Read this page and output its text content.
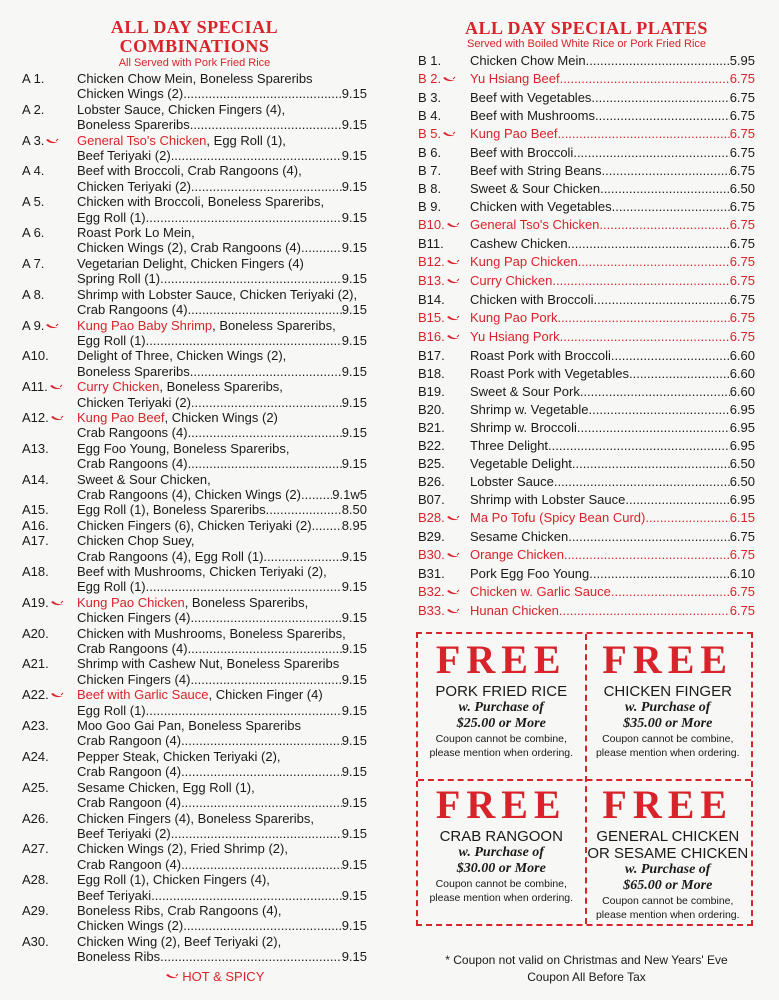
ALL DAY SPECIAL
COMBINATIONS
All Served with Pork Fried Rice
A 1.	Chicken Chow Mein, Boneless Spareribs
Chicken Wings (2) .....	9.15
A 2.	Lobster Sauce, Chicken Fingers (4),
Boneless Spareribs .....	9.15
A 3.	General Tso's Chicken, Egg Roll (1),
Beef Teriyaki (2) .....	9.15
A 4.	Beef with Broccoli, Crab Rangoons (4),
Chicken Teriyaki (2) .....	9.15
A 5.	Chicken with Broccoli, Boneless Spareribs,
Egg Roll (1) .....	9.15
A 6.	Roast Pork Lo Mein,
Chicken Wings (2), Crab Rangoons (4) .....	9.15
A 7.	Vegetarian Delight, Chicken Fingers (4)
Spring Roll (1) .....	9.15
A 8.	Shrimp with Lobster Sauce, Chicken Teriyaki (2),
Crab Rangoons (4) .....	9.15
A 9.	Kung Pao Baby Shrimp, Boneless Spareribs,
Egg Roll (1) .....	9.15
A10.	Delight of Three, Chicken Wings (2),
Boneless Spareribs .....	9.15
A11.	Curry Chicken, Boneless Spareribs,
Chicken Teriyaki (2) .....	9.15
A12.	Kung Pao Beef, Chicken Wings (2)
Crab Rangoons (4) .....	9.15
A13.	Egg Foo Young, Boneless Spareribs,
Crab Rangoons (4) .....	9.15
A14.	Sweet & Sour Chicken,
Crab Rangoons (4), Chicken Wings (2) ..... 9.1w5
A15.	Egg Roll (1), Boneless Spareribs .....	8.50
A16.	Chicken Fingers (6), Chicken Teriyaki (2) ..... 8.95
A17.	Chicken Chop Suey,
Crab Rangoons (4), Egg Roll (1) .....	9.15
A18.	Beef with Mushrooms, Chicken Teriyaki (2),
Egg Roll (1) .....	9.15
A19.	Kung Pao Chicken, Boneless Spareribs,
Chicken Fingers (4) .....	9.15
A20.	Chicken with Mushrooms, Boneless Spareribs,
Crab Rangoons (4) .....	9.15
A21.	Shrimp with Cashew Nut, Boneless Spareribs
Chicken Fingers (4) .....	9.15
A22.	Beef with Garlic Sauce, Chicken Finger (4)
Egg Roll (1) .....	9.15
A23.	Moo Goo Gai Pan, Boneless Spareribs
Crab Rangoon (4) .....	9.15
A24.	Pepper Steak, Chicken Teriyaki (2),
Crab Rangoon (4) .....	9.15
A25.	Sesame Chicken, Egg Roll (1),
Crab Rangoon (4) .....	9.15
A26.	Chicken Fingers (4), Boneless Spareribs,
Beef Teriyaki (2) .....	9.15
A27.	Chicken Wings (2), Fried Shrimp (2),
Crab Rangoon (4) .....	9.15
A28.	Egg Roll (1), Chicken Fingers (4),
Beef Teriyaki .....	9.15
A29.	Boneless Ribs, Crab Rangoons (4),
Chicken Wings (2) .....	9.15
A30.	Chicken Wing (2), Beef Teriyaki (2),
Boneless Ribs .....	9.15
HOT & SPICY
ALL DAY SPECIAL PLATES
Served with Boiled White Rice or Pork Fried Rice
B 1.	Chicken Chow Mein .....	5.95
B 2.	Yu Hsiang Beef .....	6.75
B 3.	Beef with Vegetables .....	6.75
B 4.	Beef with Mushrooms .....	6.75
B 5.	Kung Pao Beef .....	6.75
B 6.	Beef with Broccoli .....	6.75
B 7.	Beef with String Beans .....	6.75
B 8.	Sweet & Sour Chicken .....	6.50
B 9.	Chicken with Vegetables .....	6.75
B10.	General Tso's Chicken .....	6.75
B11.	Cashew Chicken .....	6.75
B12.	Kung Pap Chicken .....	6.75
B13.	Curry Chicken .....	6.75
B14.	Chicken with Broccoli .....	6.75
B15.	Kung Pao Pork .....	6.75
B16.	Yu Hsiang Pork .....	6.75
B17.	Roast Pork with Broccoli .....	6.60
B18.	Roast Pork with Vegetables .....	6.60
B19.	Sweet & Sour Pork .....	6.60
B20.	Shrimp w. Vegetable .....	6.95
B21.	Shrimp w. Broccoli .....	6.95
B22.	Three Delight .....	6.95
B25.	Vegetable Delight .....	6.50
B26.	Lobster Sauce .....	6.50
B07.	Shrimp with Lobster Sauce .....	6.95
B28.	Ma Po Tofu (Spicy Bean Curd) .....	6.15
B29.	Sesame Chicken .....	6.75
B30.	Orange Chicken .....	6.75
B31.	Pork Egg Foo Young .....	6.10
B32.	Chicken w. Garlic Sauce .....	6.75
B33.	Hunan Chicken .....	6.75
FREE
PORK FRIED RICE
w. Purchase of
$25.00 or More
Coupon cannot be combine,
please mention when ordering.
FREE
CHICKEN FINGER
w. Purchase of
$35.00 or More
Coupon cannot be combine,
please mention when ordering.
FREE
CRAB RANGOON
w. Purchase of
$30.00 or More
Coupon cannot be combine,
please mention when ordering.
FREE
GENERAL CHICKEN
OR SESAME CHICKEN
w. Purchase of
$65.00 or More
Coupon cannot be combine,
please mention when ordering.
* Coupon not valid on Christmas and New Years' Eve
Coupon All Before Tax
